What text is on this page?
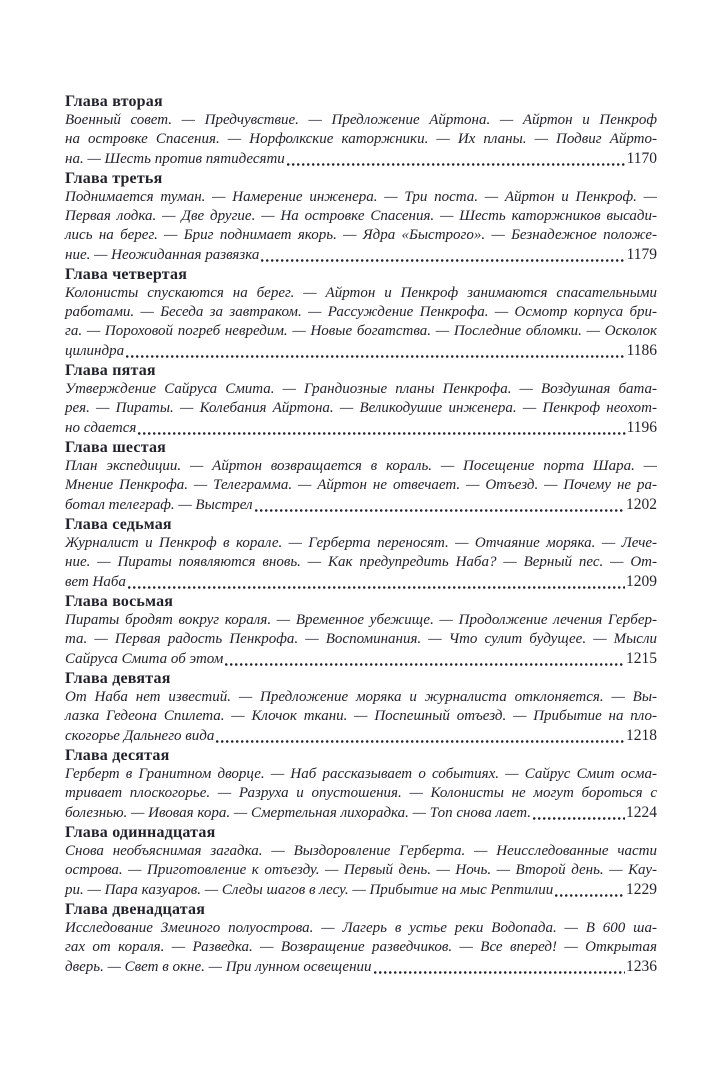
Глава вторая

Военный совет. — Предчувствие. — Предложение Айртона. — Айртон и Пенкроф

на островке Спасения. — Норфолкские каторжники. — Их планы. — Подвиг Айрто-

на. — Шесть против пятидесяти	1170

Глава третья

Поднимается туман. — Намерение инженера. — Три поста. — Айртон и Пенкроф. —

Первая лодка. — Две другие. — На островке Спасения. — Шесть каторжников высади-

лись на берег. — Бриг поднимает якорь. — Ядра «Быстрого». — Безнадежное положе-

ние. — Неожиданная развязка	1179

Глава четвертая

Колонисты спускаются на берег. — Айртон и Пенкроф занимаются спасательными

работами. — Беседа за завтраком. — Рассуждение Пенкрофа. — Осмотр корпуса бри-

га. — Пороховой погреб невредим. — Новые богатства. — Последние обломки. — Осколок

цилиндра	1186

Глава пятая

Утверждение Сайруса Смита. — Грандиозные планы Пенкрофа. — Воздушная бата-

рея. — Пираты. — Колебания Айртона. — Великодушие инженера. — Пенкроф неохот-

но сдается	1196

Глава шестая

План экспедиции. — Айртон возвращается в кораль. — Посещение порта Шара. —

Мнение Пенкрофа. — Телеграмма. — Айртон не отвечает. — Отъезд. — Почему не ра-

ботал телеграф. — Выстрел	1202

Глава седьмая

Журналист и Пенкроф в корале. — Герберта переносят. — Отчаяние моряка. — Лече-

ние. — Пираты появляются вновь. — Как предупредить Наба? — Верный пес. — От-

вет Наба	1209

Глава восьмая

Пираты бродят вокруг кораля. — Временное убежище. — Продолжение лечения Гербер-

та. — Первая радость Пенкрофа. — Воспоминания. — Что сулит будущее. — Мысли

Сайруса Смита об этом	1215

Глава девятая

От Наба нет известий. — Предложение моряка и журналиста отклоняется. — Вы-

лазка Гедеона Спилета. — Клочок ткани. — Поспешный отъезд. — Прибытие на пло-

скогорье Дальнего вида	1218

Глава десятая

Герберт в Гранитном дворце. — Наб рассказывает о событиях. — Сайрус Смит осма-

тривает плоскогорье. — Разруха и опустошения. — Колонисты не могут бороться с

болезнью. — Ивовая кора. — Смертельная лихорадка. — Топ снова лает.	1224

Глава одиннадцатая

Снова необъяснимая загадка. — Выздоровление Герберта. — Неисследованные части

острова. — Приготовление к отъезду. — Первый день. — Ночь. — Второй день. — Кау-

ри. — Пара казуаров. — Следы шагов в лесу. — Прибытие на мыс Рептилии	1229

Глава двенадцатая

Исследование Змеиного полуострова. — Лагерь в устье реки Водопада. — В 600 ша-

гах от кораля. — Разведка. — Возвращение разведчиков. — Все вперед! — Открытая

дверь. — Свет в окне. — При лунном освещении	1236
